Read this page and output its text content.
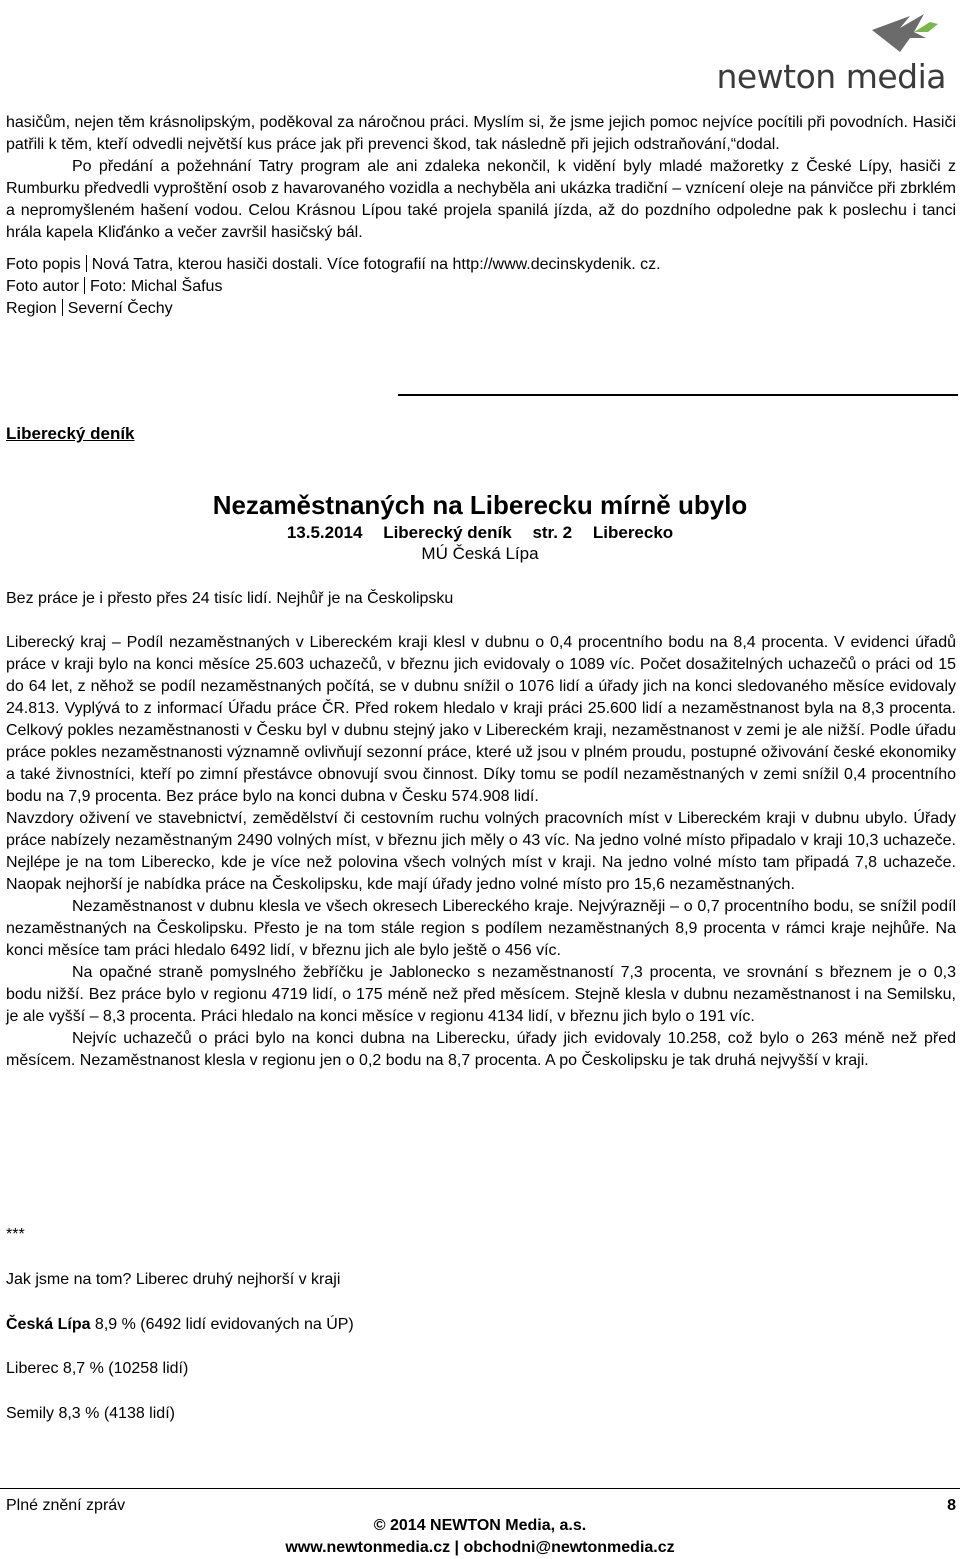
newton media

hasičům, nejen těm krásnolipským, poděkoval za náročnou práci. Myslím si, že jsme jejich pomoc nejvíce pocítili při povodních. Hasiči patřili k těm, kteří odvedli největší kus práce jak při prevenci škod, tak následně při jejich odstraňování,“dodal.

Po předání a požehnání Tatry program ale ani zdaleka nekončil, k vidění byly mladé mažoretky z České Lípy, hasiči z Rumburku předvedli vyproštění osob z havarovaného vozidla a nechyběla ani ukázka tradiční – vznícení oleje na pánvičce při zbrklém a nepromyšleném hašení vodou. Celou Krásnou Lípou také projela spanilá jízda, až do pozdního odpoledne pak k poslechu i tanci hrála kapela Kliďánko a večer završil hasičský bál.

Foto popis Nová Tatra, kterou hasiči dostali. Více fotografií na http://www.decinskydenik. cz.
Foto autor Foto: Michal Šafus
Region Severní Čechy
Liberecký deník
Nezaměstnaných na Liberecku mírně ubylo
13.5.2014 Liberecký deník str. 2 Liberecko
MÚ Česká Lípa
Bez práce je i přesto přes 24 tisíc lidí. Nejhůř je na Českolipsku

Liberecký kraj – Podíl nezaměstnaných v Libereckém kraji klesl v dubnu o 0,4 procentního bodu na 8,4 procenta. V evidenci úřadů práce v kraji bylo na konci měsíce 25.603 uchazečů, v březnu jich evidovaly o 1089 víc. Počet dosažitelných uchazečů o práci od 15 do 64 let, z něhož se podíl nezaměstnaných počítá, se v dubnu snížil o 1076 lidí a úřady jich na konci sledovaného měsíce evidovaly 24.813. Vyplývá to z informací Úřadu práce ČR. Před rokem hledalo v kraji práci 25.600 lidí a nezaměstnanost byla na 8,3 procenta. Celkový pokles nezaměstnanosti v Česku byl v dubnu stejný jako v Libereckém kraji, nezaměstnanost v zemi je ale nižší. Podle úřadu práce pokles nezaměstnanosti významně ovlivňují sezonní práce, které už jsou v plném proudu, postupné oživování české ekonomiky a také živnostníci, kteří po zimní přestávce obnovují svou činnost. Díky tomu se podíl nezaměstnaných v zemi snížil 0,4 procentního bodu na 7,9 procenta. Bez práce bylo na konci dubna v Česku 574.908 lidí.

Navzdory oživení ve stavebnictví, zemědělství či cestovním ruchu volných pracovních míst v Libereckém kraji v dubnu ubylo. Úřady práce nabízely nezaměstnaným 2490 volných míst, v březnu jich měly o 43 víc. Na jedno volné místo připadalo v kraji 10,3 uchazeče. Nejlépe je na tom Liberecko, kde je více než polovina všech volných míst v kraji. Na jedno volné místo tam připadá 7,8 uchazeče. Naopak nejhorší je nabídka práce na Českolipsku, kde mají úřady jedno volné místo pro 15,6 nezaměstnaných.

Nezaměstnanost v dubnu klesla ve všech okresech Libereckého kraje. Nejvýrazněji – o 0,7 procentního bodu, se snížil podíl nezaměstnaných na Českolipsku. Přesto je na tom stále region s podílem nezaměstnaných 8,9 procenta v rámci kraje nejhůře. Na konci měsíce tam práci hledalo 6492 lidí, v březnu jich ale bylo ještě o 456 víc.

Na opačné straně pomyslného žebříčku je Jablonecko s nezaměstnaností 7,3 procenta, ve srovnání s březnem je o 0,3 bodu nižší. Bez práce bylo v regionu 4719 lidí, o 175 méně než před měsícem. Stejně klesla v dubnu nezaměstnanost i na Semilsku, je ale vyšší – 8,3 procenta. Práci hledalo na konci měsíce v regionu 4134 lidí, v březnu jich bylo o 191 víc.

Nejvíc uchazečů o práci bylo na konci dubna na Liberecku, úřady jich evidovaly 10.258, což bylo o 263 méně než před měsícem. Nezaměstnanost klesla v regionu jen o 0,2 bodu na 8,7 procenta. A po Českolipsku je tak druhá nejvyšší v kraji.

***
Jak jsme na tom? Liberec druhý nejhorší v kraji
Česká Lípa 8,9 % (6492 lidí evidovaných na ÚP)
Liberec 8,7 % (10258 lidí)
Semily 8,3 % (4138 lidí)
Plné znění zpráv	8
© 2014 NEWTON Media, a.s.
www.newtonmedia.cz | obchodni@newtonmedia.cz
